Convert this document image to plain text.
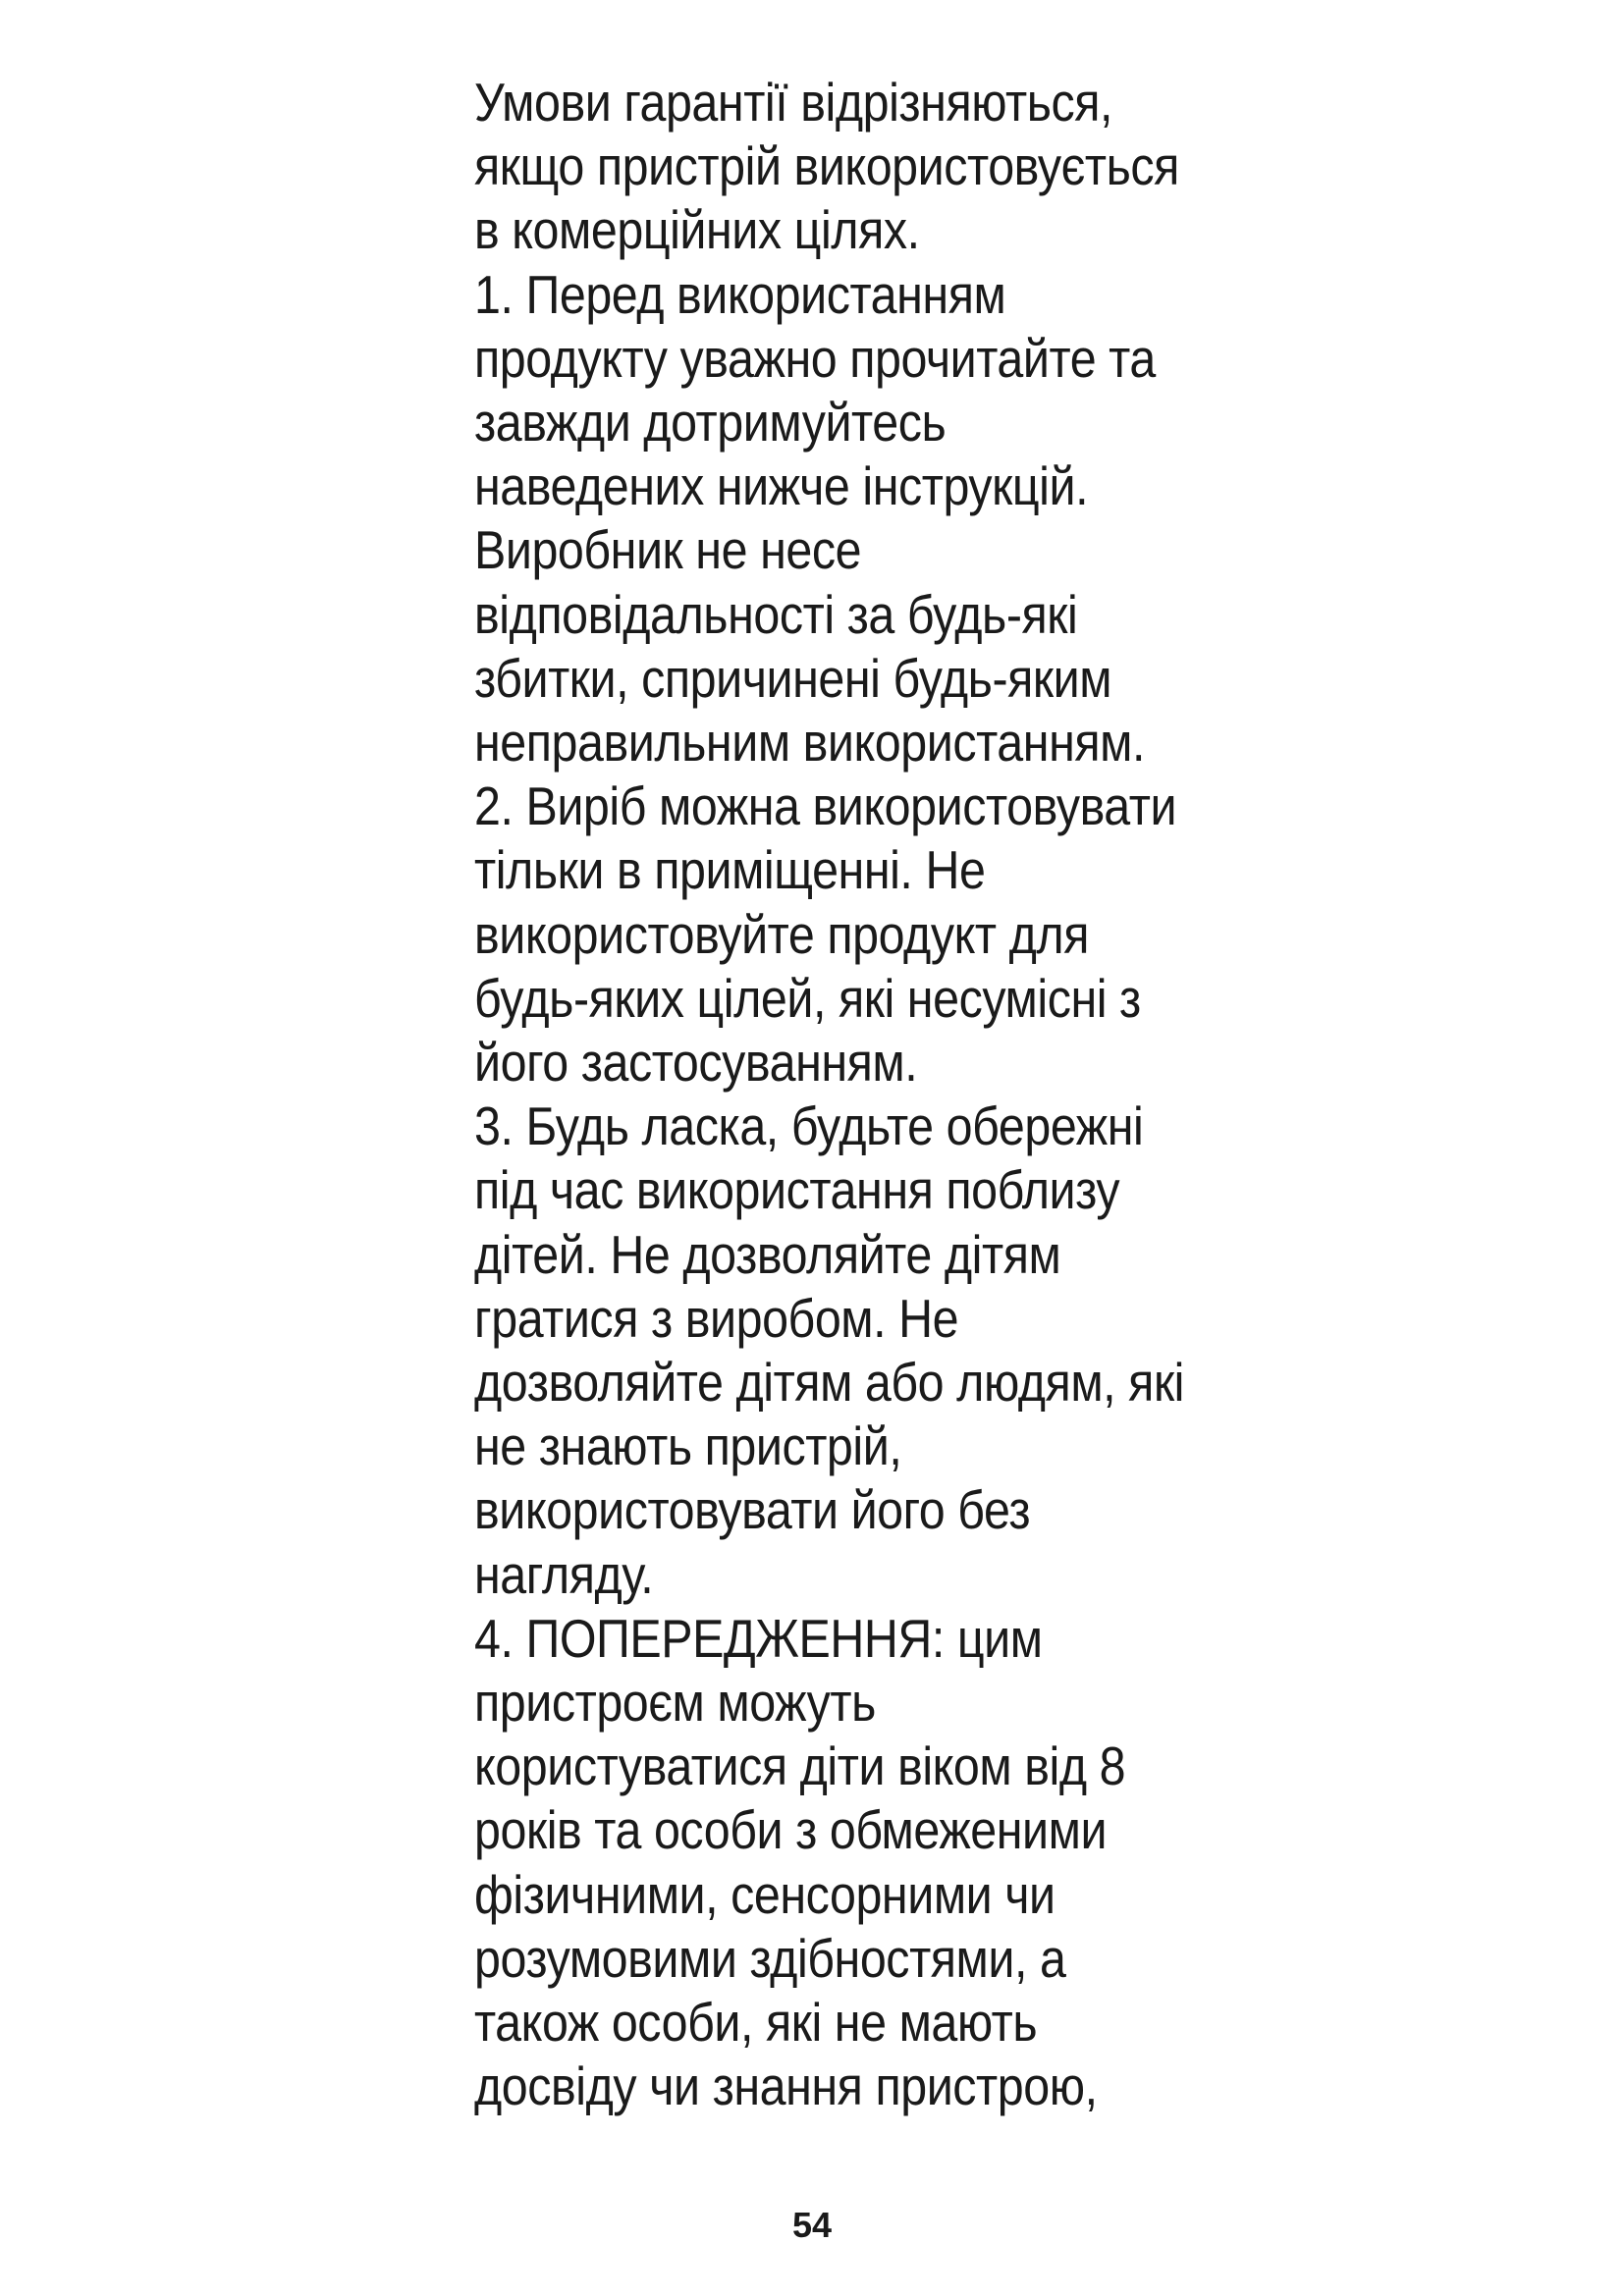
Умови гарантії відрізняються,
якщо пристрій використовується
в комерційних цілях.
1. Перед використанням
продукту уважно прочитайте та
завжди дотримуйтесь
наведених нижче інструкцій.
Виробник не несе
відповідальності за будь-які
збитки, спричинені будь-яким
неправильним використанням.
2. Виріб можна використовувати
тільки в приміщенні. Не
використовуйте продукт для
будь-яких цілей, які несумісні з
його застосуванням.
3. Будь ласка, будьте обережні
під час використання поблизу
дітей. Не дозволяйте дітям
гратися з виробом. Не
дозволяйте дітям або людям, які
не знають пристрій,
використовувати його без
нагляду.
4. ПОПЕРЕДЖЕННЯ: цим
пристроєм можуть
користуватися діти віком від 8
років та особи з обмеженими
фізичними, сенсорними чи
розумовими здібностями, а
також особи, які не мають
досвіду чи знання пристрою,
54
